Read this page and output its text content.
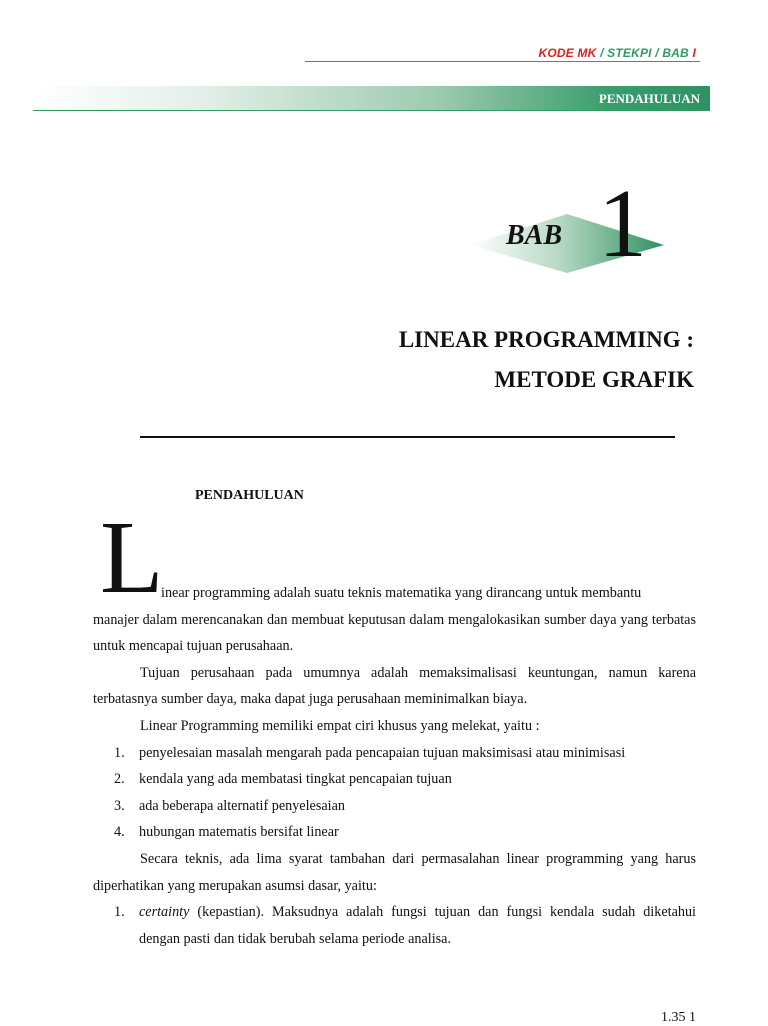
KODE MK / STEKPI / BAB I
PENDAHULUAN
BAB 1
LINEAR PROGRAMMING :
METODE GRAFIK
PENDAHULUAN
L

inear programming adalah suatu teknis matematika yang dirancang untuk membantu
manajer dalam merencanakan dan membuat keputusan dalam mengalokasikan sumber daya yang terbatas untuk mencapai tujuan perusahaan.

Tujuan perusahaan pada umumnya adalah memaksimalisasi keuntungan, namun karena terbatasnya sumber daya, maka dapat juga perusahaan meminimalkan biaya.

Linear Programming memiliki empat ciri khusus yang melekat, yaitu :

1. penyelesaian masalah mengarah pada pencapaian tujuan maksimisasi atau minimisasi
2. kendala yang ada membatasi tingkat pencapaian tujuan
3. ada beberapa alternatif penyelesaian
4. hubungan matematis bersifat linear

Secara teknis, ada lima syarat tambahan dari permasalahan linear programming yang harus diperhatikan yang merupakan asumsi dasar, yaitu:

1. certainty (kepastian). Maksudnya adalah fungsi tujuan dan fungsi kendala sudah diketahui dengan pasti dan tidak berubah selama periode analisa.
1.35 1
